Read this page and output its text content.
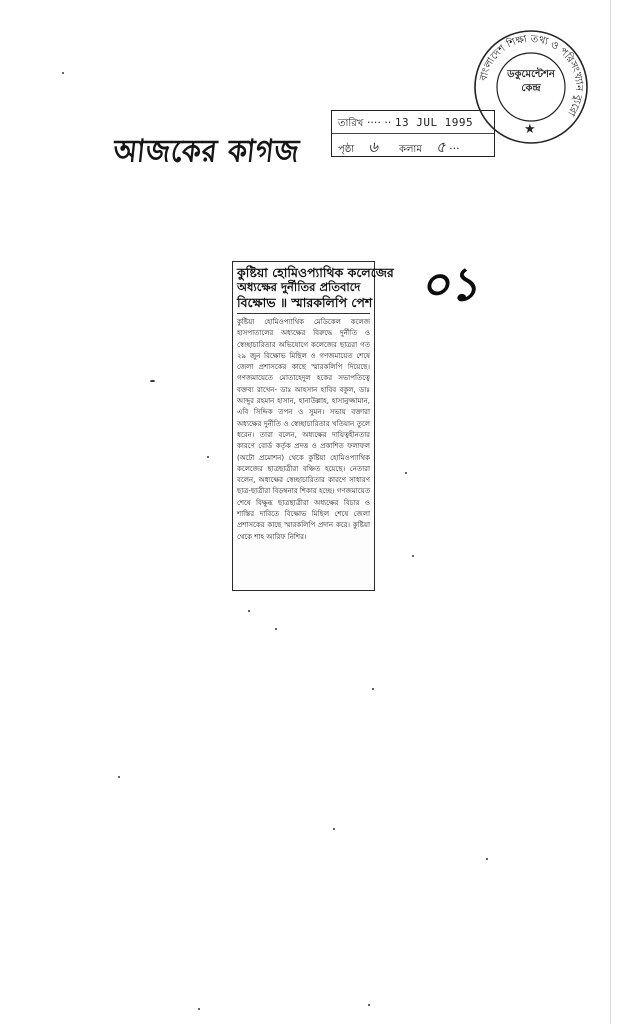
আজকের কাগজ
তারিখ ···· ·· 13 JUL 1995
পৃষ্ঠা ৬ কলাম ৫ ···
বাংলাদেশ শিক্ষা তথ্য ও পরিসংখ্যান ব্যুরো
ডকুমেন্টেশন
কেন্দ্র
★
০১
কুষ্টিয়া হোমিওপ্যাথিক কলেজের
অধ্যক্ষের দুর্নীতির প্রতিবাদে
বিক্ষোভ ॥ স্মারকলিপি পেশ

কুষ্টিয়া হোমিওপ্যাথিক মেডিকেল কলেজ হাসপাতালের অধ্যক্ষের বিরুদ্ধে দুর্নীতি ও স্বেচ্ছাচারিতার অভিযোগে কলেজের ছাত্ররা গত ২৯ জুন বিক্ষোভ মিছিল ও গণজমায়েত শেষে জেলা প্রশাসকের কাছে স্মারকলিপি দিয়েছে। গণজমায়েতে মোতাহেদুল হকের সভাপতিত্বে বক্তব্য রাখেন- ডাঃ আহসান হাবিব বকুল, ডাঃ আব্দুর রহমান হাসান, হানাউল্লাহ, হাসানুজ্জামান, এবি সিদ্দিক তপন ও সুমন। সভায় বক্তারা অধ্যক্ষের দুর্নীতি ও স্বেচ্ছাচারিতার খতিয়ান তুলে ধরেন। তারা বলেন, অধ্যক্ষের দায়িত্বহীনতার কারণে বোর্ড কর্তৃক প্রদত্ত ও প্রকাশিত ফলাফল (অটো প্রমোশন) থেকে কুষ্টিয়া হোমিওপ্যাথিক কলেজের ছাত্রছাত্রীরা বঞ্চিত হয়েছে। নেতারা বলেন, অধ্যক্ষের স্বেচ্ছাচারিতার কারণে সাধারণ ছাত্র-ছাত্রীরা বিড়ম্বনার শিকার হচ্ছে। গণজমায়েত শেষে বিক্ষুব্ধ ছাত্রছাত্রীরা অধ্যক্ষের বিচার ও শাস্তির দাবিতে বিক্ষোভ মিছিল শেষে জেলা প্রশাসকের কাছে স্মারকলিপি প্রদান করে। কুষ্টিয়া থেকে শাহ আরিফ নিশির।
